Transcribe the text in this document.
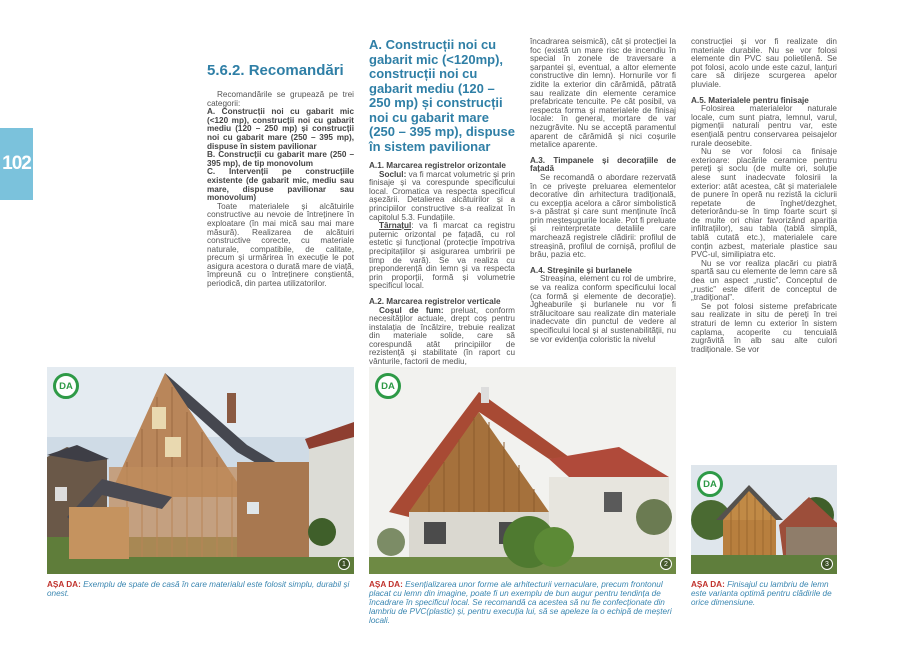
102
5.6.2. Recomandări

Recomandările se grupează pe trei categorii:

A. Construcții noi cu gabarit mic (<120 mp), construcții noi cu gabarit mediu (120 – 250 mp) și construcții noi cu gabarit mare (250 – 395 mp), dispuse în sistem pavilionar

B. Construcții cu gabarit mare (250 – 395 mp), de tip monovolum

C. Intervenții pe construcțiile existente (de gabarit mic, mediu sau mare, dispuse pavilionar sau monovolum)

Toate materialele și alcătuirile constructive au nevoie de întreținere în exploatare (în mai mică sau mai mare măsură). Realizarea de alcătuiri constructive corecte, cu materiale naturale, compatibile, de calitate, precum și urmărirea în execuție le pot asigura acestora o durată mare de viață, împreună cu o întreținere conștientă, periodică, din partea utilizatorilor.

A. Construcții noi cu gabarit mic (<120mp), construcții noi cu gabarit mediu (120 – 250 mp) și construcții noi cu gabarit mare (250 – 395 mp), dispuse în sistem pavilionar

A.1. Marcarea registrelor orizontale

Soclul: va fi marcat volumetric și prin finisaje și va corespunde specificului local. Cromatica va respecta specificul așezării. Detalierea alcătuirilor și a principiilor constructive s-a realizat în capitolul 5.3. Fundațiile.

Târnațul: va fi marcat ca registru puternic orizontal pe fațadă, cu rol estetic și funcțional (protecție împotriva precipitațiilor și asigurarea umbririi pe timp de vară). Se va realiza cu preponderență din lemn și va respecta prin proporții, formă și volumetrie specificul local.

A.2. Marcarea registrelor verticale

Coșul de fum: preluat, conform necesităților actuale, drept coș pentru instalația de încălzire, trebuie realizat din materiale solide, care să corespundă atât principiilor de rezistență și stabilitate (în raport cu vânturile, factorii de mediu,

încadrarea seismică), cât și protecției la foc (există un mare risc de incendiu în special în zonele de traversare a șarpantei și, eventual, a altor elemente constructive din lemn). Hornurile vor fi zidite la exterior din cărămidă, pătrată sau realizate din elemente ceramice prefabricate tencuite. Pe cât posibil, va respecta forma și materialele de finisaj locale: în general, mortare de var nezugrăvite. Nu se acceptă paramentul aparent de cărămidă și nici coșurile metalice aparente.

A.3. Timpanele și decorațiile de fațadă

Se recomandă o abordare rezervată în ce privește preluarea elementelor decorative din arhitectura tradițională, cu excepția acelora a căror simbolistică s-a păstrat și care sunt menținute încă prin meșteșugurile locale. Pot fi preluate și reinterpretate detaliile care marchează registrele clădirii: profilul de streașină, profilul de cornișă, profilul de brâu, pazia etc.

A.4. Streșinile și burlanele

Streașina, element cu rol de umbrire, se va realiza conform specificului local (ca formă și elemente de decorație). Jgheaburile și burlanele nu vor fi strălucitoare sau realizate din materiale inadecvate din punctul de vedere al specificului local și al sustenabilității, nu se vor evidenția coloristic la nivelul

construcției și vor fi realizate din materiale durabile. Nu se vor folosi elemente din PVC sau polietilenă. Se pot folosi, acolo unde este cazul, lanțuri care să dirijeze scurgerea apelor pluviale.

A.5. Materialele pentru finisaje

Folosirea materialelor naturale locale, cum sunt piatra, lemnul, varul, pigmenții naturali pentru var, este esențială pentru conservarea peisajelor rurale deosebite.

Nu se vor folosi ca finisaje exterioare: placările ceramice pentru pereți și soclu (de multe ori, soluție alese sunt inadecvate folosirii la exterior: atât acestea, cât și materialele de punere în operă nu rezistă la ciclurii repetate de înghet/dezghet, deteriorându-se în timp foarte scurt și de multe ori chiar favorizând apariția infiltrațiilor), sau tabla (tablă simplă, tablă cutată etc.), materialele care conțin azbest, materiale plastice sau PVC-ul, similipiatra etc.

Nu se vor realiza placări cu piatră spartă sau cu elemente de lemn care să dea un aspect „rustic”. Conceptul de „rustic” este diferit de conceptul de „tradițional”.

Se pot folosi sisteme prefabricate sau realizate in situ de pereți în trei straturi de lemn cu exterior în sistem caplama, acoperite cu tencuială zugrăvită în alb sau alte culori tradiționale. Se vor

DA
1
DA
2
DA
3
AȘA DA: Exemplu de spate de casă în care materialul este folosit simplu, durabil și onest.
AȘA DA: Esențializarea unor forme ale arhitecturii vernaculare, precum frontonul placat cu lemn din imagine, poate fi un exemplu de bun augur pentru tendința de încadrare în specificul local. Se recomandă ca acestea să nu fie confecționate din lambriu de PVC(plastic) și, pentru execuția lui, să se apeleze la o echipă de meșteri locali.
AȘA DA: Finisajul cu lambriu de lemn este varianta optimă pentru clădirile de orice dimensiune.
